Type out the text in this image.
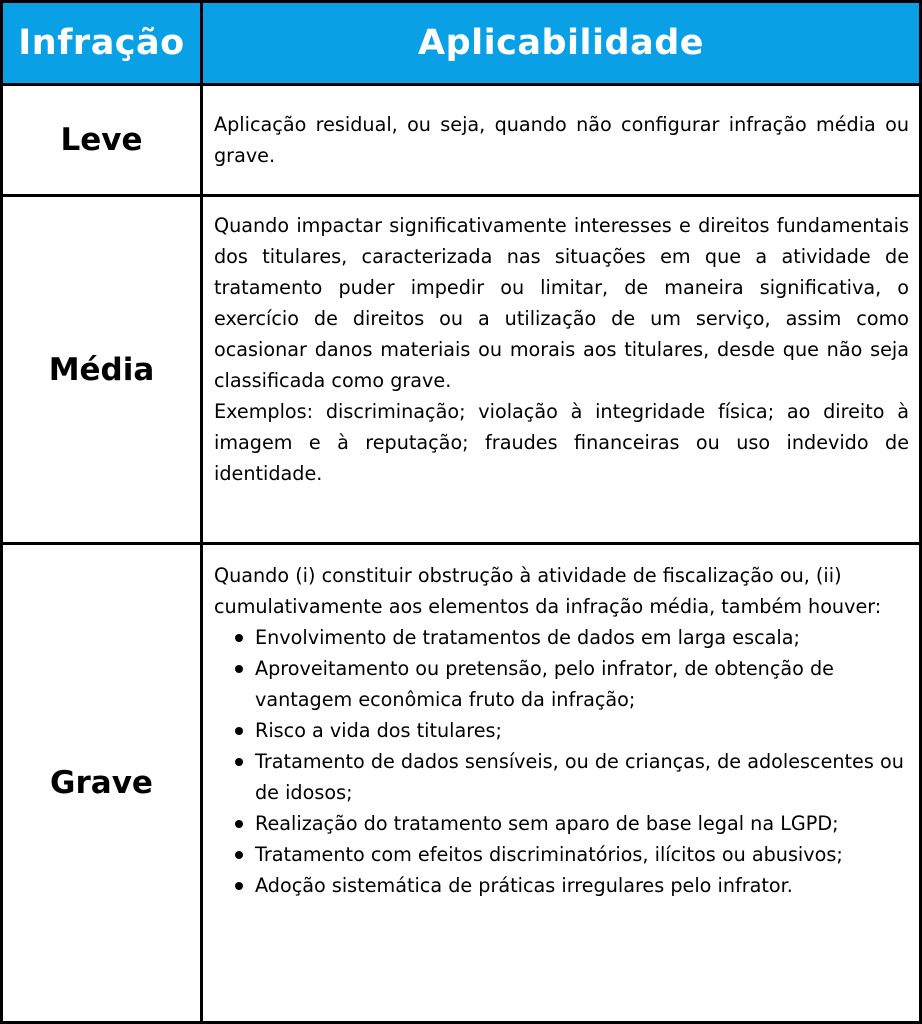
Infração	Aplicabilidade
Leve	Aplicação residual, ou seja, quando não configurar infração média ou grave.

Média

Quando impactar significativamente interesses e direitos fundamentais dos titulares, caracterizada nas situações em que a atividade de tratamento puder impedir ou limitar, de maneira significativa, o exercício de direitos ou a utilização de um serviço, assim como ocasionar danos materiais ou morais aos titulares, desde que não seja classificada como grave.

Exemplos: discriminação; violação à integridade física; ao direito à imagem e à reputação; fraudes financeiras ou uso indevido de identidade.

Grave

Quando (i) constituir obstrução à atividade de fiscalização ou, (ii) cumulativamente aos elementos da infração média, também houver:

Envolvimento de tratamentos de dados em larga escala;
Aproveitamento ou pretensão, pelo infrator, de obtenção de vantagem econômica fruto da infração;
Risco a vida dos titulares;
Tratamento de dados sensíveis, ou de crianças, de adolescentes ou de idosos;
Realização do tratamento sem aparo de base legal na LGPD;
Tratamento com efeitos discriminatórios, ilícitos ou abusivos;
Adoção sistemática de práticas irregulares pelo infrator.
